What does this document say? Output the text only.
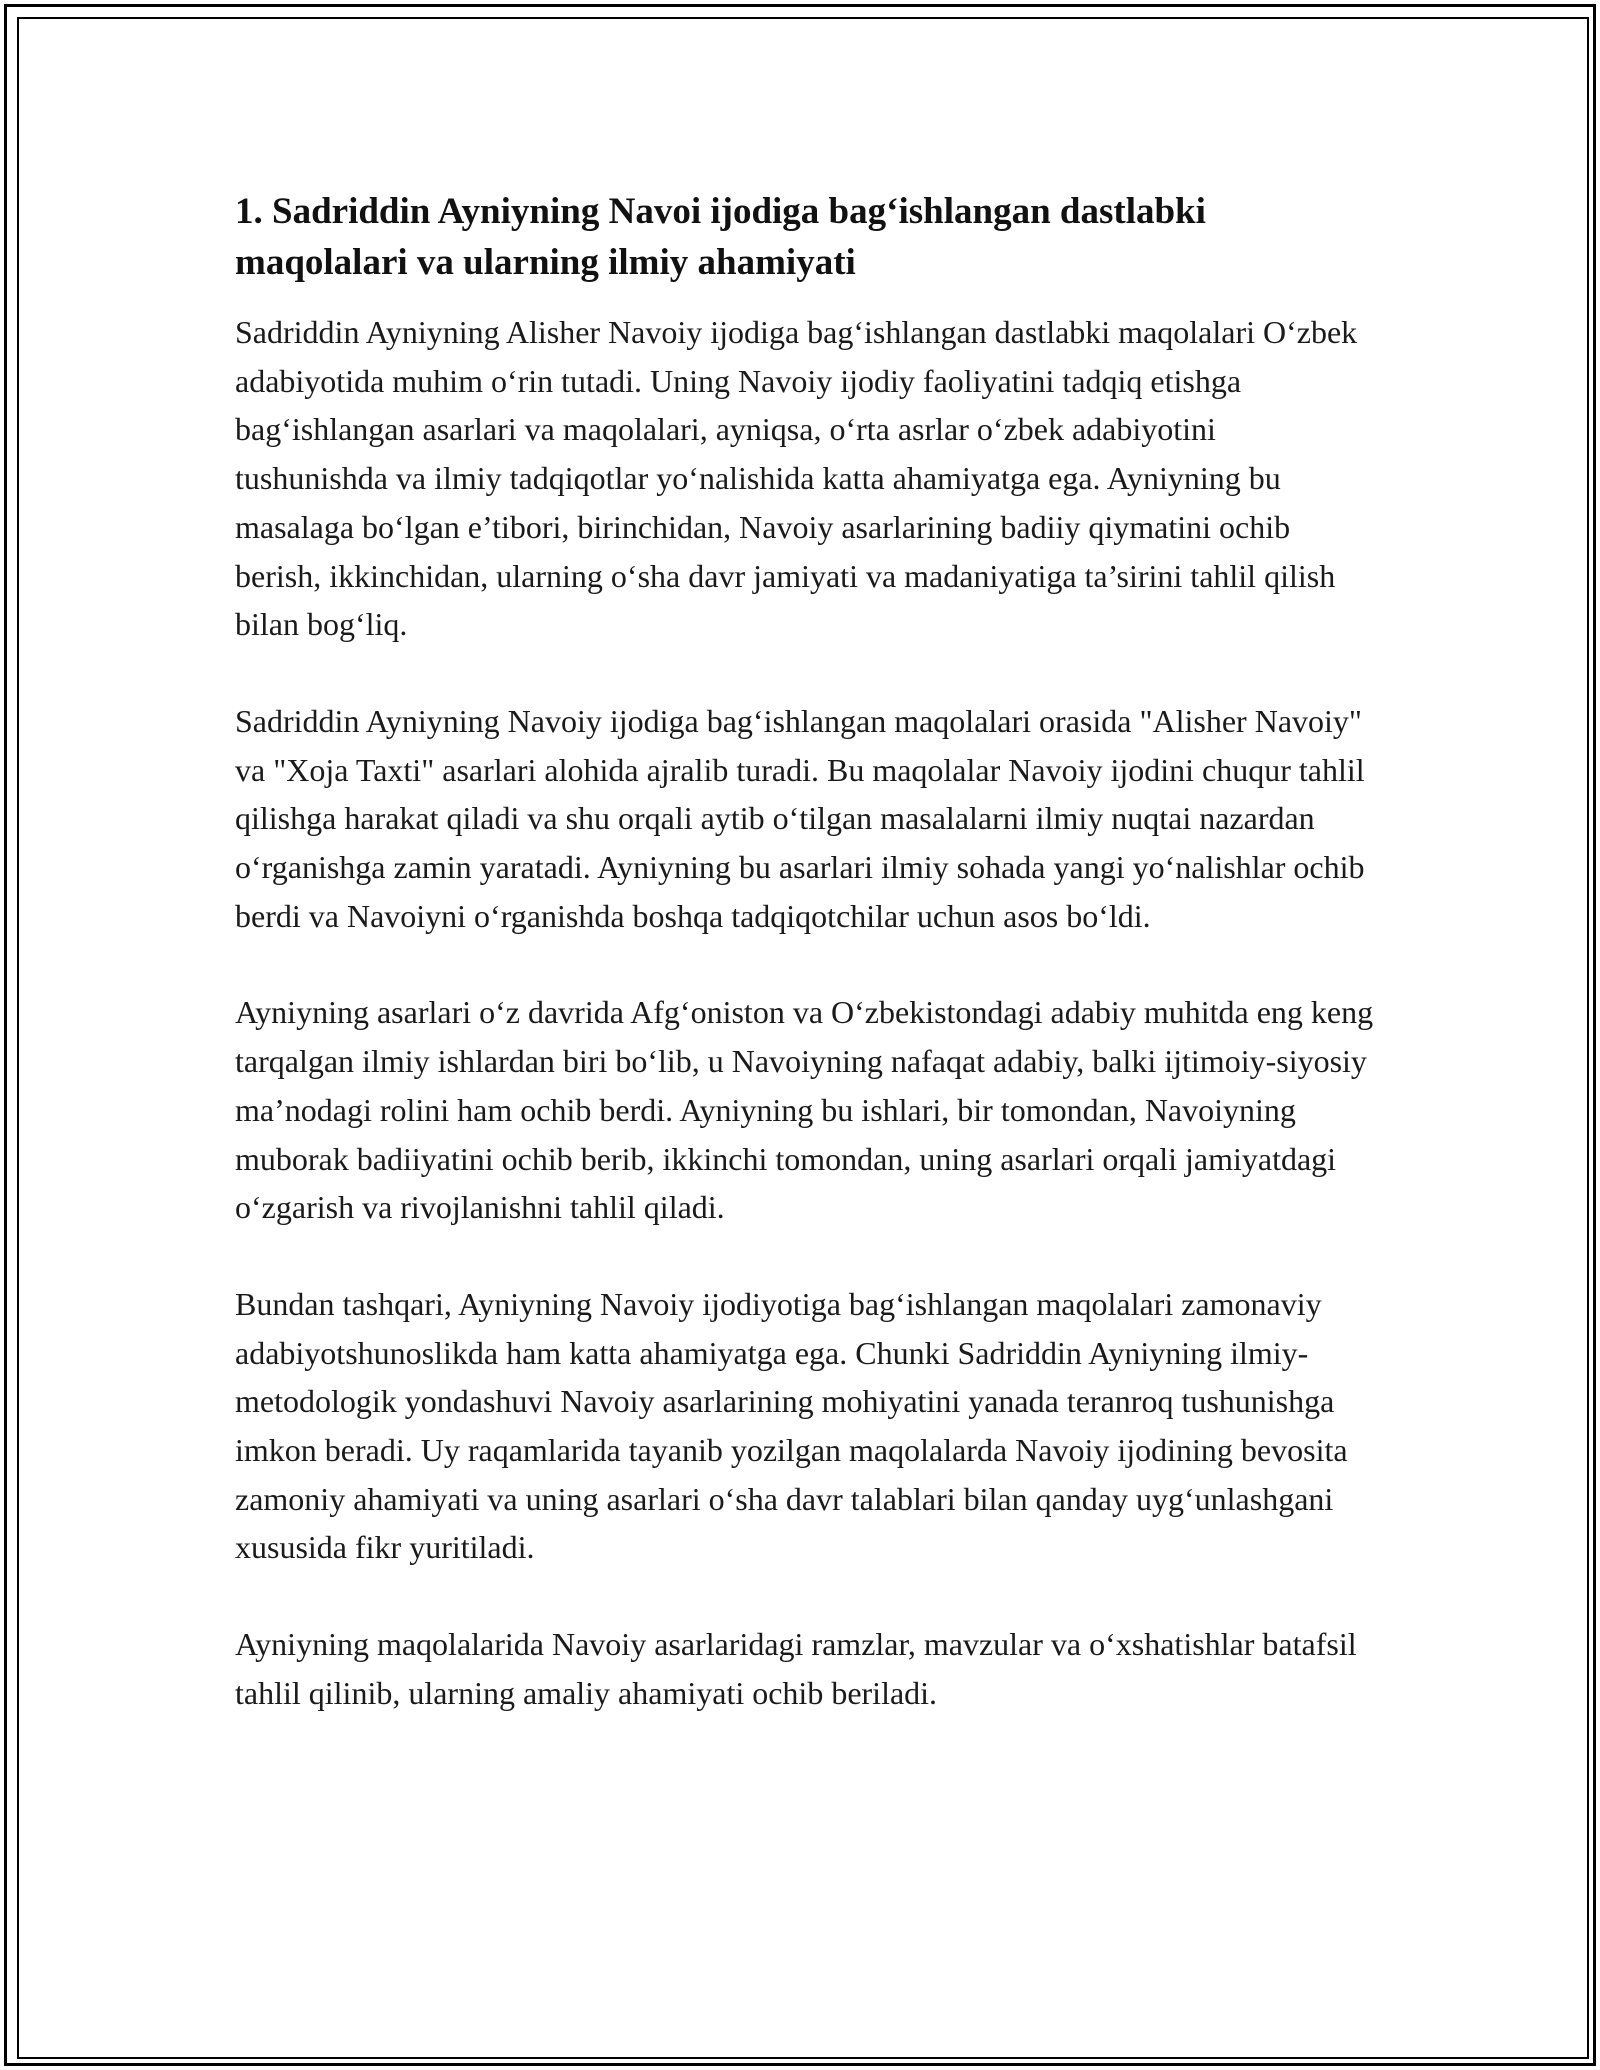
1. Sadriddin Ayniyning Navoi ijodiga bag‘ishlangan dastlabki maqolalari va ularning ilmiy ahamiyati

Sadriddin Ayniyning Alisher Navoiy ijodiga bag‘ishlangan dastlabki maqolalari O‘zbek adabiyotida muhim o‘rin tutadi. Uning Navoiy ijodiy faoliyatini tadqiq etishga bag‘ishlangan asarlari va maqolalari, ayniqsa, o‘rta asrlar o‘zbek adabiyotini tushunishda va ilmiy tadqiqotlar yo‘nalishida katta ahamiyatga ega. Ayniyning bu masalaga bo‘lgan e’tibori, birinchidan, Navoiy asarlarining badiiy qiymatini ochib berish, ikkinchidan, ularning o‘sha davr jamiyati va madaniyatiga ta’sirini tahlil qilish bilan bog‘liq.

Sadriddin Ayniyning Navoiy ijodiga bag‘ishlangan maqolalari orasida "Alisher Navoiy" va "Xoja Taxti" asarlari alohida ajralib turadi. Bu maqolalar Navoiy ijodini chuqur tahlil qilishga harakat qiladi va shu orqali aytib o‘tilgan masalalarni ilmiy nuqtai nazardan o‘rganishga zamin yaratadi. Ayniyning bu asarlari ilmiy sohada yangi yo‘nalishlar ochib berdi va Navoiyni o‘rganishda boshqa tadqiqotchilar uchun asos bo‘ldi.

Ayniyning asarlari o‘z davrida Afg‘oniston va O‘zbekistondagi adabiy muhitda eng keng tarqalgan ilmiy ishlardan biri bo‘lib, u Navoiyning nafaqat adabiy, balki ijtimoiy-siyosiy ma’nodagi rolini ham ochib berdi. Ayniyning bu ishlari, bir tomondan, Navoiyning muborak badiiyatini ochib berib, ikkinchi tomondan, uning asarlari orqali jamiyatdagi o‘zgarish va rivojlanishni tahlil qiladi.

Bundan tashqari, Ayniyning Navoiy ijodiyotiga bag‘ishlangan maqolalari zamonaviy adabiyotshunoslikda ham katta ahamiyatga ega. Chunki Sadriddin Ayniyning ilmiy-metodologik yondashuvi Navoiy asarlarining mohiyatini yanada teranroq tushunishga imkon beradi. Uy raqamlarida tayanib yozilgan maqolalarda Navoiy ijodining bevosita zamoniy ahamiyati va uning asarlari o‘sha davr talablari bilan qanday uyg‘unlashgani xususida fikr yuritiladi.

Ayniyning maqolalarida Navoiy asarlaridagi ramzlar, mavzular va o‘xshatishlar batafsil tahlil qilinib, ularning amaliy ahamiyati ochib beriladi.
